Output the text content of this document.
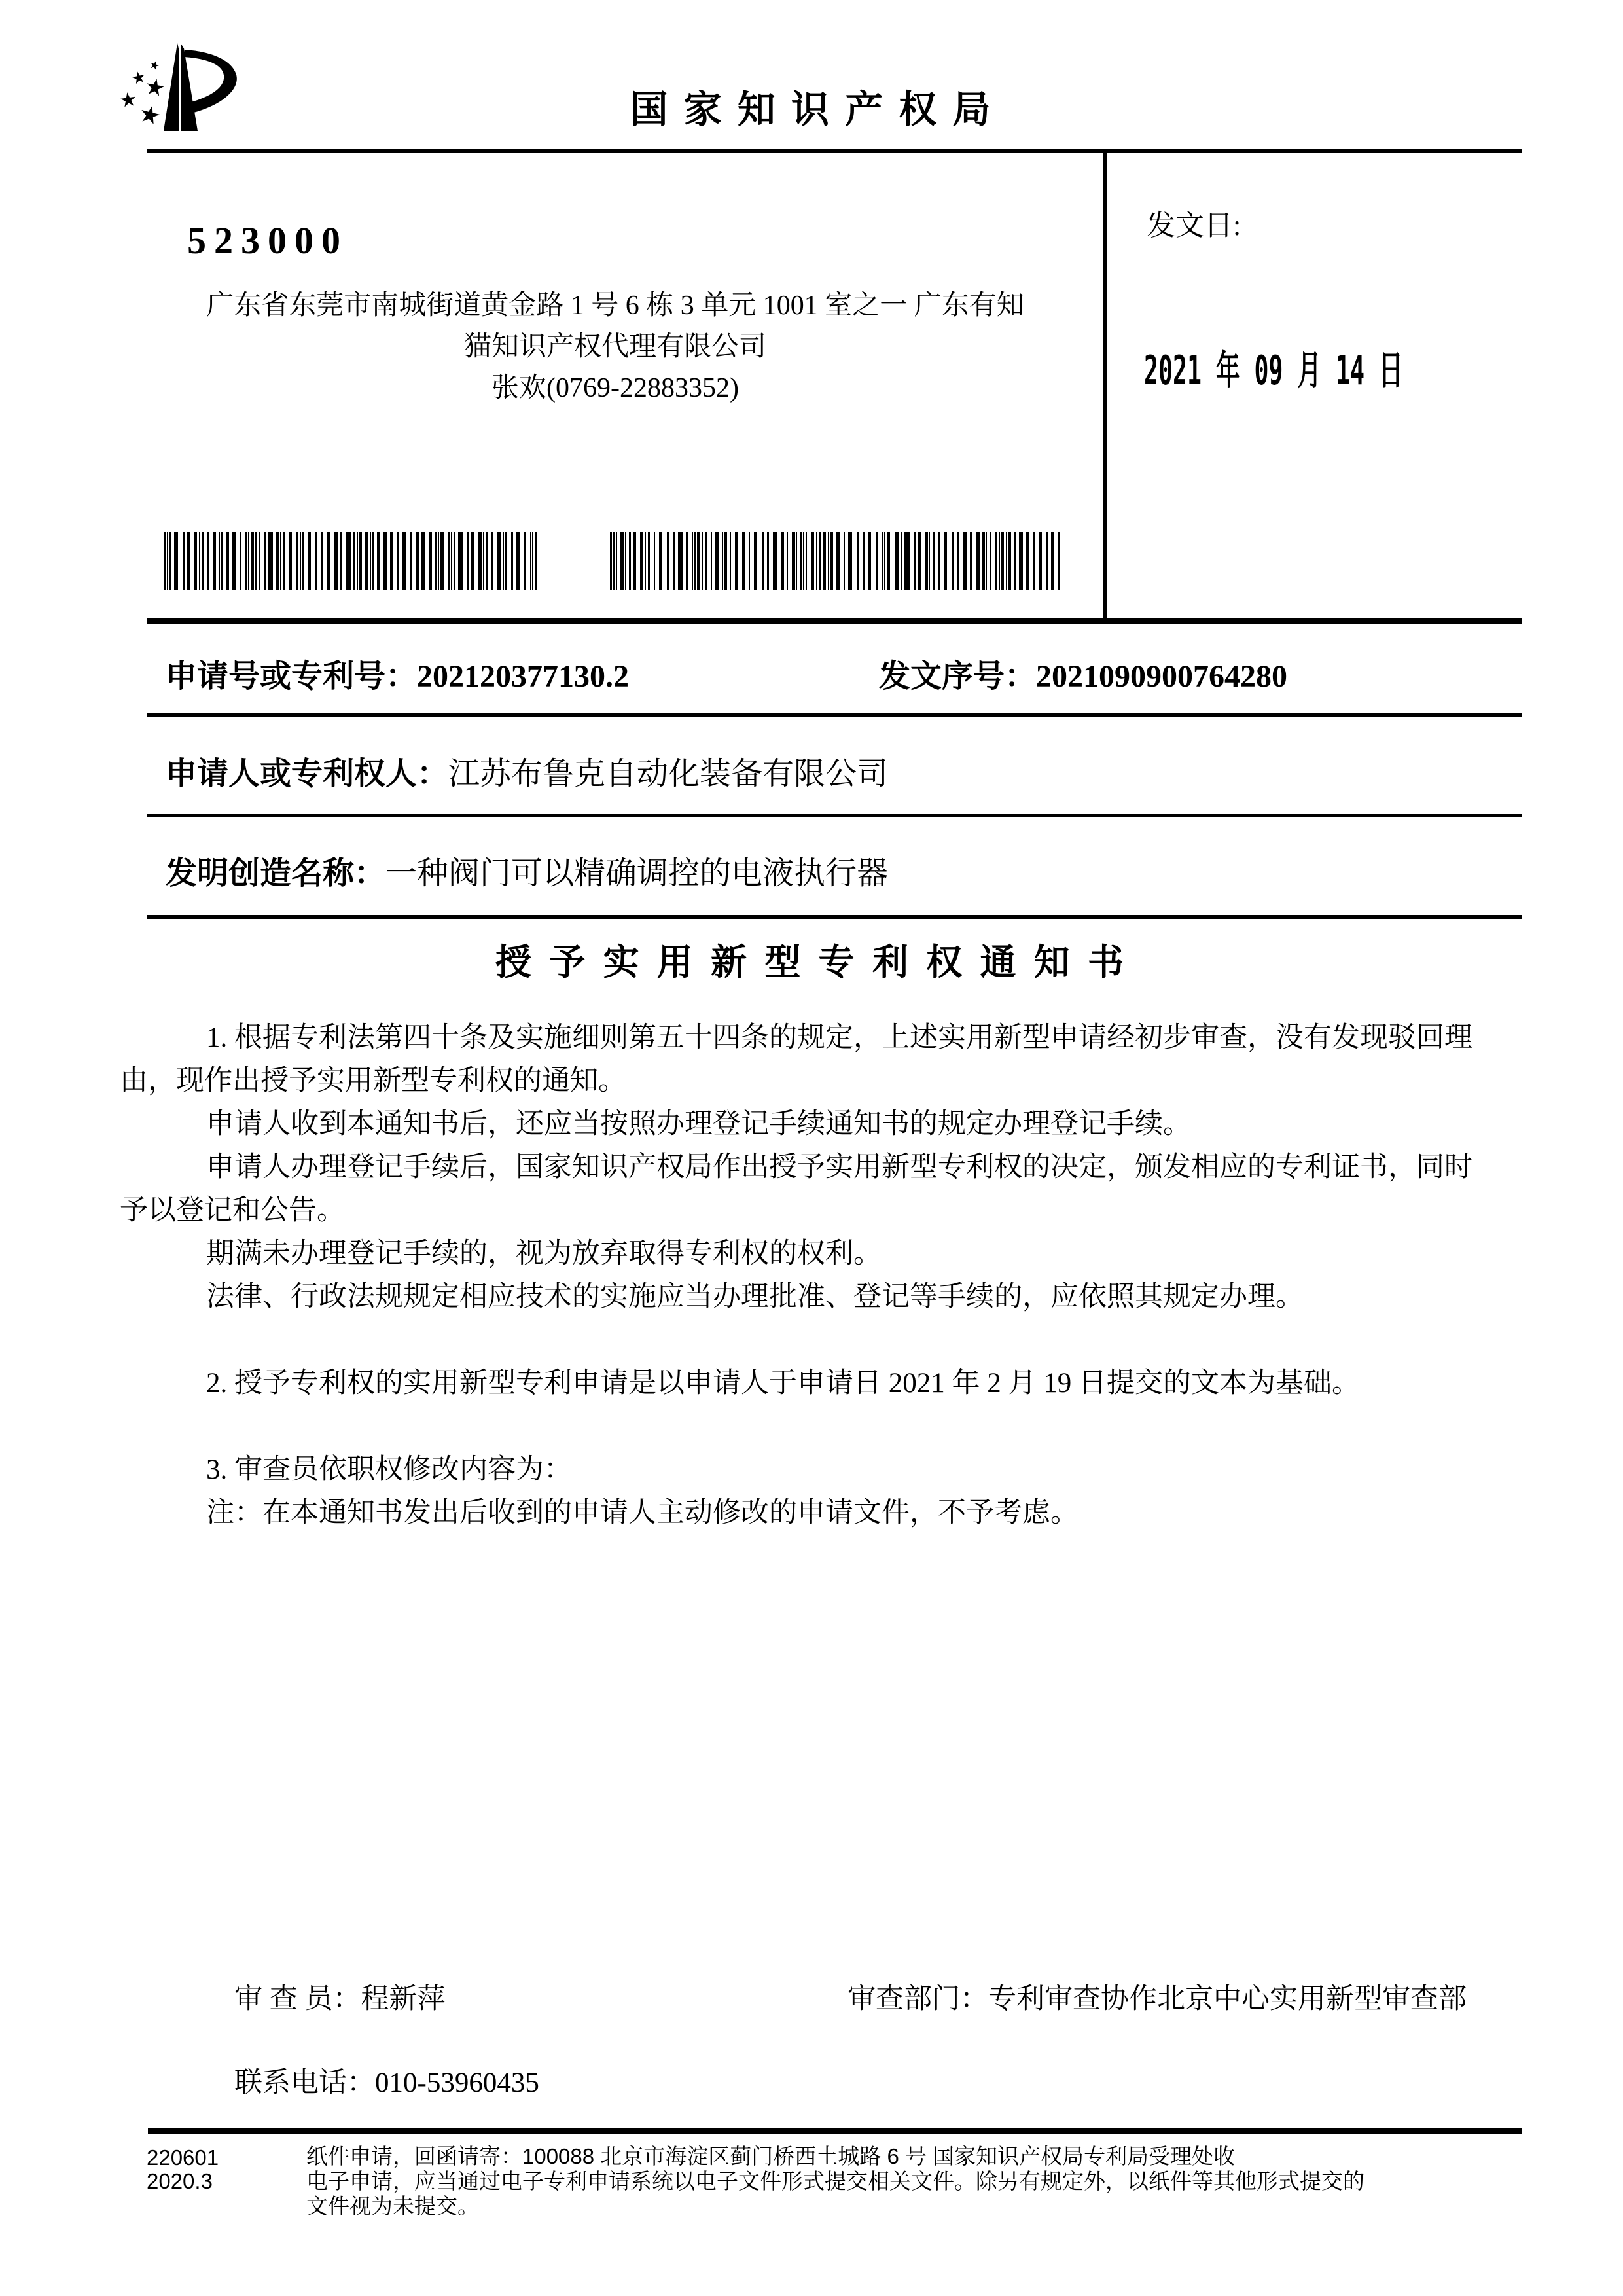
国 家 知 识 产 权 局
523000
广东省东莞市南城街道黄金路 1 号 6 栋 3 单元 1001 室之一 广东有知
猫知识产权代理有限公司
张欢(0769-22883352)
发文日:
2021 年 09 月 14 日
申请号或专利号：202120377130.2	发文序号：2021090900764280
申请人或专利权人：江苏布鲁克自动化装备有限公司
发明创造名称：一种阀门可以精确调控的电液执行器
授 予 实 用 新 型 专 利 权 通 知 书
1. 根据专利法第四十条及实施细则第五十四条的规定，上述实用新型申请经初步审查，没有发现驳回理
由，现作出授予实用新型专利权的通知。
申请人收到本通知书后，还应当按照办理登记手续通知书的规定办理登记手续。
申请人办理登记手续后，国家知识产权局作出授予实用新型专利权的决定，颁发相应的专利证书，同时
予以登记和公告。
期满未办理登记手续的，视为放弃取得专利权的权利。
法律、行政法规规定相应技术的实施应当办理批准、登记等手续的，应依照其规定办理。
2. 授予专利权的实用新型专利申请是以申请人于申请日 2021 年 2 月 19 日提交的文本为基础。
3. 审查员依职权修改内容为：
注：在本通知书发出后收到的申请人主动修改的申请文件，不予考虑。
审 查 员：程新萍	审查部门：专利审查协作北京中心实用新型审查部
联系电话：010-53960435
220601
2020.3
纸件申请，回函请寄：100088 北京市海淀区蓟门桥西土城路 6 号 国家知识产权局专利局受理处收
电子申请，应当通过电子专利申请系统以电子文件形式提交相关文件。除另有规定外，以纸件等其他形式提交的
文件视为未提交。
